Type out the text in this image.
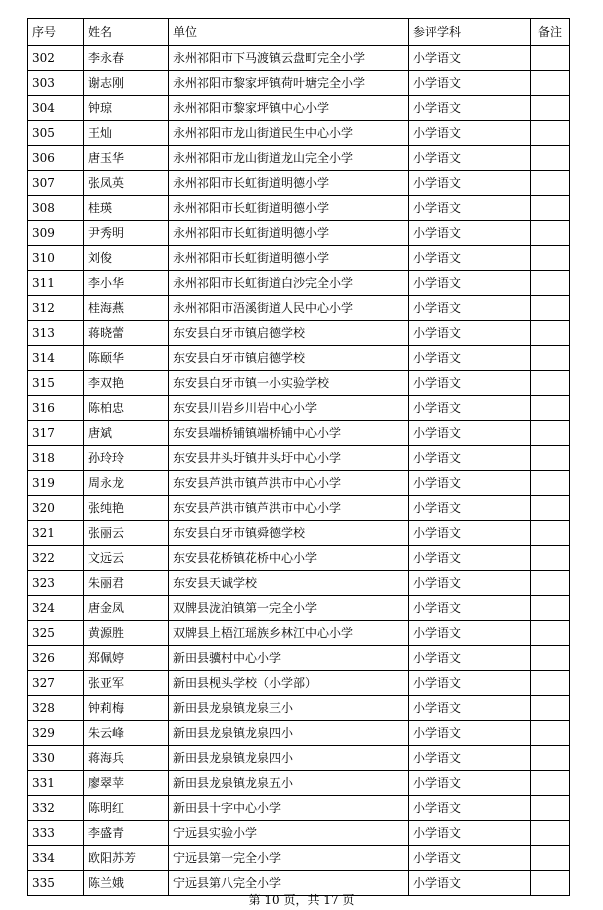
序号	姓名	单位	参评学科	备注
302	李永春	永州祁阳市下马渡镇云盘町完全小学	小学语文	
303	谢志刚	永州祁阳市黎家坪镇荷叶塘完全小学	小学语文	
304	钟琼	永州祁阳市黎家坪镇中心小学	小学语文	
305	王灿	永州祁阳市龙山街道民生中心小学	小学语文	
306	唐玉华	永州祁阳市龙山街道龙山完全小学	小学语文	
307	张凤英	永州祁阳市长虹街道明德小学	小学语文	
308	桂瑛	永州祁阳市长虹街道明德小学	小学语文	
309	尹秀明	永州祁阳市长虹街道明德小学	小学语文	
310	刘俊	永州祁阳市长虹街道明德小学	小学语文	
311	李小华	永州祁阳市长虹街道白沙完全小学	小学语文	
312	桂海燕	永州祁阳市浯溪街道人民中心小学	小学语文	
313	蒋晓蕾	东安县白牙市镇启德学校	小学语文	
314	陈颐华	东安县白牙市镇启德学校	小学语文	
315	李双艳	东安县白牙市镇一小实验学校	小学语文	
316	陈柏忠	东安县川岩乡川岩中心小学	小学语文	
317	唐斌	东安县端桥铺镇端桥铺中心小学	小学语文	
318	孙玲玲	东安县井头圩镇井头圩中心小学	小学语文	
319	周永龙	东安县芦洪市镇芦洪市中心小学	小学语文	
320	张纯艳	东安县芦洪市镇芦洪市中心小学	小学语文	
321	张丽云	东安县白牙市镇舜德学校	小学语文	
322	文远云	东安县花桥镇花桥中心小学	小学语文	
323	朱丽君	东安县天诚学校	小学语文	
324	唐金凤	双牌县泷泊镇第一完全小学	小学语文	
325	黄源胜	双牌县上梧江瑶族乡林江中心小学	小学语文	
326	郑佩婷	新田县骥村中心小学	小学语文	
327	张亚军	新田县枧头学校（小学部）	小学语文	
328	钟莉梅	新田县龙泉镇龙泉三小	小学语文	
329	朱云峰	新田县龙泉镇龙泉四小	小学语文	
330	蒋海兵	新田县龙泉镇龙泉四小	小学语文	
331	廖翠苹	新田县龙泉镇龙泉五小	小学语文	
332	陈明红	新田县十字中心小学	小学语文	
333	李盛青	宁远县实验小学	小学语文	
334	欧阳苏芳	宁远县第一完全小学	小学语文	
335	陈兰娥	宁远县第八完全小学	小学语文	
第 10 页，共 17 页
